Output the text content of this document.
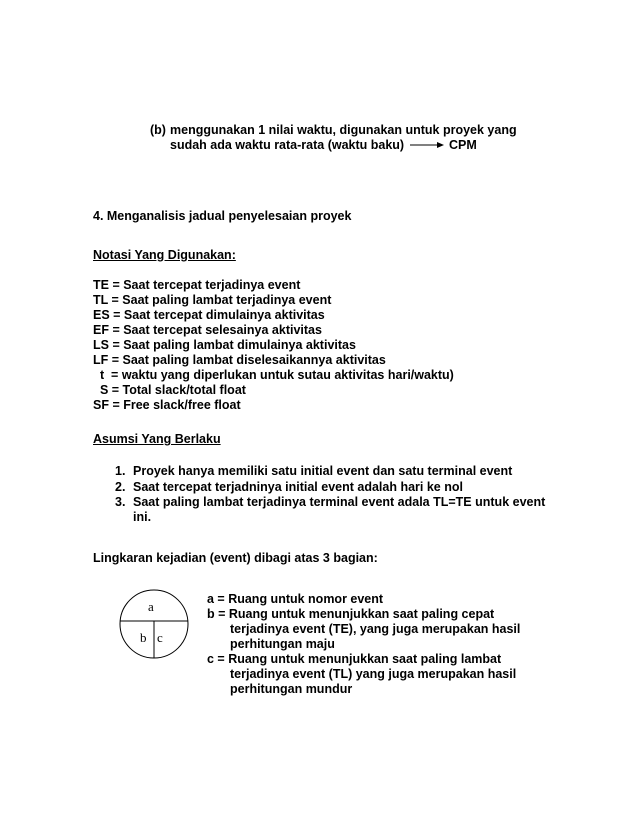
(b) menggunakan 1 nilai waktu, digunakan untuk proyek yang
sudah ada waktu rata-rata (waktu baku)	CPM
4. Menganalisis jadual penyelesaian proyek
Notasi Yang Digunakan:
TE = Saat tercepat terjadinya event
TL = Saat paling lambat terjadinya event
ES = Saat tercepat dimulainya aktivitas
EF = Saat tercepat selesainya aktivitas
LS = Saat paling lambat dimulainya aktivitas
LF = Saat paling lambat diselesaikannya aktivitas
t  = waktu yang diperlukan untuk sutau aktivitas hari/waktu)
S = Total slack/total float
SF = Free slack/free float
Asumsi Yang Berlaku
1. Proyek hanya memiliki satu initial event dan satu terminal event
2. Saat tercepat terjadninya initial event adalah hari ke nol
3. Saat paling lambat terjadinya terminal event adala TL=TE untuk event
ini.
Lingkaran kejadian (event) dibagi atas 3 bagian:
a
b c
a = Ruang untuk nomor event
b = Ruang untuk menunjukkan saat paling cepat
terjadinya event (TE), yang juga merupakan hasil
perhitungan maju
c = Ruang untuk menunjukkan saat paling lambat
terjadinya event (TL) yang juga merupakan hasil
perhitungan mundur
